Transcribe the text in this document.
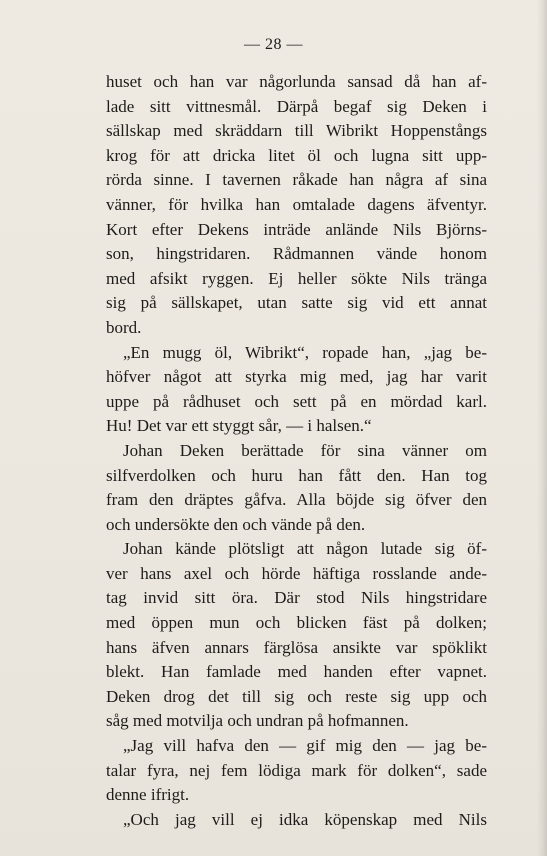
— 28 —
huset och han var någorlunda sansad då han af-
lade sitt vittnesmål. Därpå begaf sig Deken i
sällskap med skräddarn till Wibrikt Hoppenstångs
krog för att dricka litet öl och lugna sitt upp-
rörda sinne. I tavernen råkade han några af sina
vänner, för hvilka han omtalade dagens äfventyr.
Kort efter Dekens inträde anlände Nils Björns-
son, hingstridaren. Rådmannen vände honom
med afsikt ryggen. Ej heller sökte Nils tränga
sig på sällskapet, utan satte sig vid ett annat
bord.
„En mugg öl, Wibrikt“, ropade han, „jag be-
höfver något att styrka mig med, jag har varit
uppe på rådhuset och sett på en mördad karl.
Hu! Det var ett styggt sår, — i halsen.“
Johan Deken berättade för sina vänner om
silfverdolken och huru han fått den. Han tog
fram den dräptes gåfva. Alla böjde sig öfver den
och undersökte den och vände på den.
Johan kände plötsligt att någon lutade sig öf-
ver hans axel och hörde häftiga rosslande ande-
tag invid sitt öra. Där stod Nils hingstridare
med öppen mun och blicken fäst på dolken;
hans äfven annars färglösa ansikte var spöklikt
blekt. Han famlade med handen efter vapnet.
Deken drog det till sig och reste sig upp och
såg med motvilja och undran på hofmannen.
„Jag vill hafva den — gif mig den — jag be-
talar fyra, nej fem lödiga mark för dolken“, sade
denne ifrigt.
„Och jag vill ej idka köpenskap med Nils
